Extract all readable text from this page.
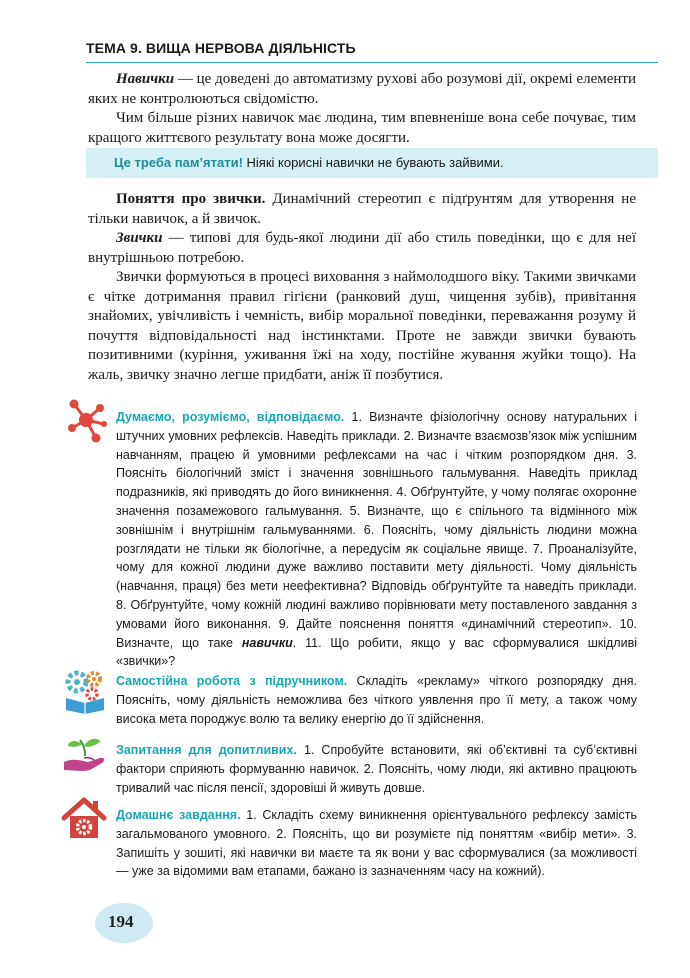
ТЕМА 9. ВИЩА НЕРВОВА ДІЯЛЬНІСТЬ

Навички — це доведені до автоматизму рухові або розумові дії, окремі елементи яких не контролюються свідомістю.

Чим більше різних навичок має людина, тим впевненіше вона себе почуває, тим кращого життєвого результату вона може досягти.

Це треба пам’ятати! Ніякі корисні навички не бувають зайвими.

Поняття про звички. Динамічний стереотип є підґрунтям для утворення не тільки навичок, а й звичок.

Звички — типові для будь-якої людини дії або стиль поведінки, що є для неї внутрішньою потребою.

Звички формуються в процесі виховання з наймолодшого віку. Такими звичками є чітке дотримання правил гігієни (ранковий душ, чищення зубів), привітання знайомих, увічливість і чемність, вибір моральної поведінки, переважання розуму й почуття відповідальності над інстинктами. Проте не завжди звички бувають позитивними (куріння, уживання їжі на ходу, постійне жування жуйки тощо). На жаль, звичку значно легше придбати, аніж її позбутися.

Думаємо, розуміємо, відповідаємо. 1. Визначте фізіологічну основу натуральних і штучних умовних рефлексів. Наведіть приклади. 2. Визначте взаємозв’язок між успішним навчанням, працею й умовними рефлексами на час і чітким розпорядком дня. 3. Поясніть біологічний зміст і значення зовнішнього гальмування. Наведіть приклад подразників, які приводять до його виникнення. 4. Обґрунтуйте, у чому полягає охоронне значення позамежового гальмування. 5. Визначте, що є спільного та відмінного між зовнішнім і внутрішнім гальмуваннями. 6. Поясніть, чому діяльність людини можна розглядати не тільки як біологічне, а передусім як соціальне явище. 7. Проаналізуйте, чому для кожної людини дуже важливо поставити мету діяльності. Чому діяльність (навчання, праця) без мети неефективна? Відповідь обґрунтуйте та наведіть приклади. 8. Обґрунтуйте, чому кожній людині важливо порівнювати мету поставленого завдання з умовами його виконання. 9. Дайте пояснення поняття «динамічний стереотип». 10. Визначте, що таке навички. 11. Що робити, якщо у вас сформувалися шкідливі «звички»?
Самостійна робота з підручником. Складіть «рекламу» чіткого розпорядку дня. Поясніть, чому діяльність неможлива без чіткого уявлення про її мету, а також чому висока мета породжує волю та велику енергію до її здійснення.
Запитання для допитливих. 1. Спробуйте встановити, які об’єктивні та суб’єктивні фактори сприяють формуванню навичок. 2. Поясніть, чому люди, які активно працюють тривалий час після пенсії, здоровіші й живуть довше.
Домашнє завдання. 1. Складіть схему виникнення орієнтувального рефлексу замість загальмованого умовного. 2. Поясніть, що ви розумієте під поняттям «вибір мети». 3. Запишіть у зошиті, які навички ви маєте та як вони у вас сформувалися (за можливості — уже за відомими вам етапами, бажано із зазначенням часу на кожний).
194
